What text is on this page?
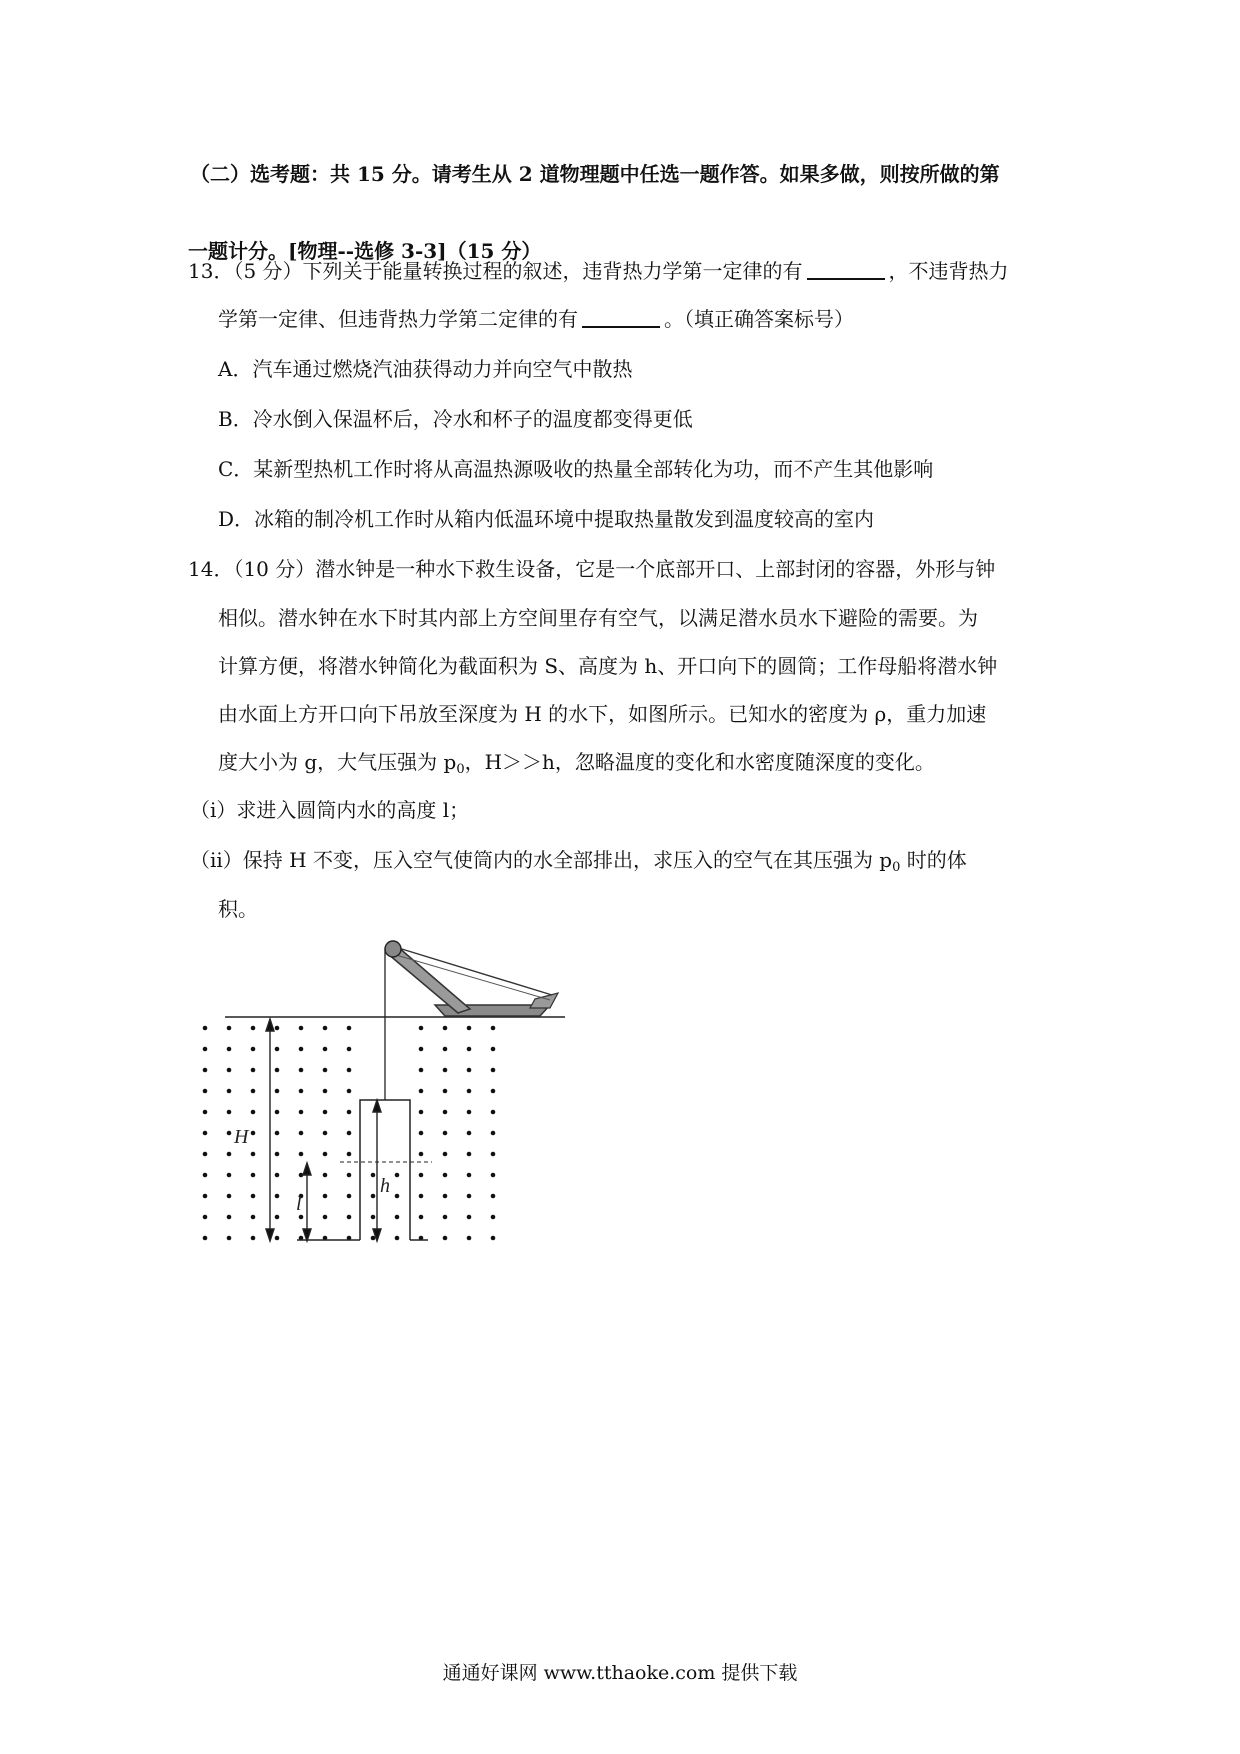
（二）选考题：共 15 分。请考生从 2 道物理题中任选一题作答。如果多做，则按所做的第
一题计分。[物理--选修 3-3]（15 分）
13．（5 分）下列关于能量转换过程的叙述，违背热力学第一定律的有	，不违背热力
学第一定律、但违背热力学第二定律的有	。（填正确答案标号）
A．汽车通过燃烧汽油获得动力并向空气中散热
B．冷水倒入保温杯后，冷水和杯子的温度都变得更低
C．某新型热机工作时将从高温热源吸收的热量全部转化为功，而不产生其他影响
D．冰箱的制冷机工作时从箱内低温环境中提取热量散发到温度较高的室内
14．（10 分）潜水钟是一种水下救生设备，它是一个底部开口、上部封闭的容器，外形与钟
相似。潜水钟在水下时其内部上方空间里存有空气，以满足潜水员水下避险的需要。为
计算方便，将潜水钟简化为截面积为 S、高度为 h、开口向下的圆筒；工作母船将潜水钟
由水面上方开口向下吊放至深度为 H 的水下，如图所示。已知水的密度为 ρ，重力加速
度大小为 g，大气压强为 $p_0$，H＞＞h，忽略温度的变化和水密度随深度的变化。
（i）求进入圆筒内水的高度 l；
（ii）保持 H 不变，压入空气使筒内的水全部排出，求压入的空气在其压强为 $p_0$ 时的体
积。
H
h
l
通通好课网 www.tthaoke.com 提供下载
